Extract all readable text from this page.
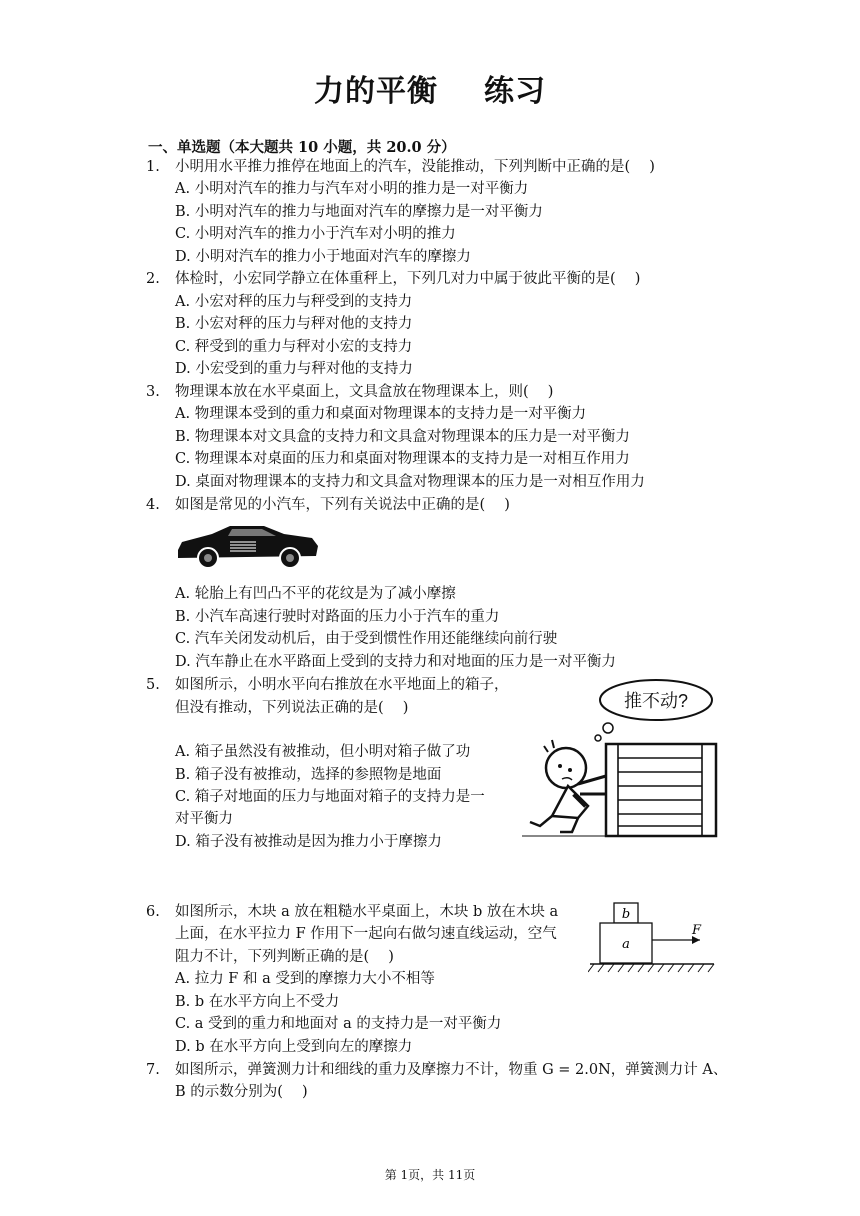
力的平衡 练习
一、单选题（本大题共 10 小题，共 20.0 分）
1. 小明用水平推力推停在地面上的汽车，没能推动，下列判断中正确的是(　 )
A. 小明对汽车的推力与汽车对小明的推力是一对平衡力
B. 小明对汽车的推力与地面对汽车的摩擦力是一对平衡力
C. 小明对汽车的推力小于汽车对小明的推力
D. 小明对汽车的推力小于地面对汽车的摩擦力
2. 体检时，小宏同学静立在体重秤上，下列几对力中属于彼此平衡的是(　 )
A. 小宏对秤的压力与秤受到的支持力
B. 小宏对秤的压力与秤对他的支持力
C. 秤受到的重力与秤对小宏的支持力
D. 小宏受到的重力与秤对他的支持力
3. 物理课本放在水平桌面上，文具盒放在物理课本上，则(　 )
A. 物理课本受到的重力和桌面对物理课本的支持力是一对平衡力
B. 物理课本对文具盒的支持力和文具盒对物理课本的压力是一对平衡力
C. 物理课本对桌面的压力和桌面对物理课本的支持力是一对相互作用力
D. 桌面对物理课本的支持力和文具盒对物理课本的压力是一对相互作用力
4. 如图是常见的小汽车，下列有关说法中正确的是(　 )
A. 轮胎上有凹凸不平的花纹是为了减小摩擦
B. 小汽车高速行驶时对路面的压力小于汽车的重力
C. 汽车关闭发动机后，由于受到惯性作用还能继续向前行驶
D. 汽车静止在水平路面上受到的支持力和对地面的压力是一对平衡力
5. 如图所示，小明水平向右推放在水平地面上的箱子，
但没有推动，下列说法正确的是(　 )
A. 箱子虽然没有被推动，但小明对箱子做了功
B. 箱子没有被推动，选择的参照物是地面
C. 箱子对地面的压力与地面对箱子的支持力是一
对平衡力
D. 箱子没有被推动是因为推力小于摩擦力
推不动?
6. 如图所示，木块 a 放在粗糙水平桌面上，木块 b 放在木块 a
上面，在水平拉力 F 作用下一起向右做匀速直线运动，空气
阻力不计，下列判断正确的是(　 )
A. 拉力 F 和 a 受到的摩擦力大小不相等
B. b 在水平方向上不受力
C. a 受到的重力和地面对 a 的支持力是一对平衡力
D. b 在水平方向上受到向左的摩擦力
b
a
F
7. 如图所示，弹簧测力计和细线的重力及摩擦力不计，物重 G = 2.0N，弹簧测力计 A、
B 的示数分别为(　 )
第 1页，共 11页
